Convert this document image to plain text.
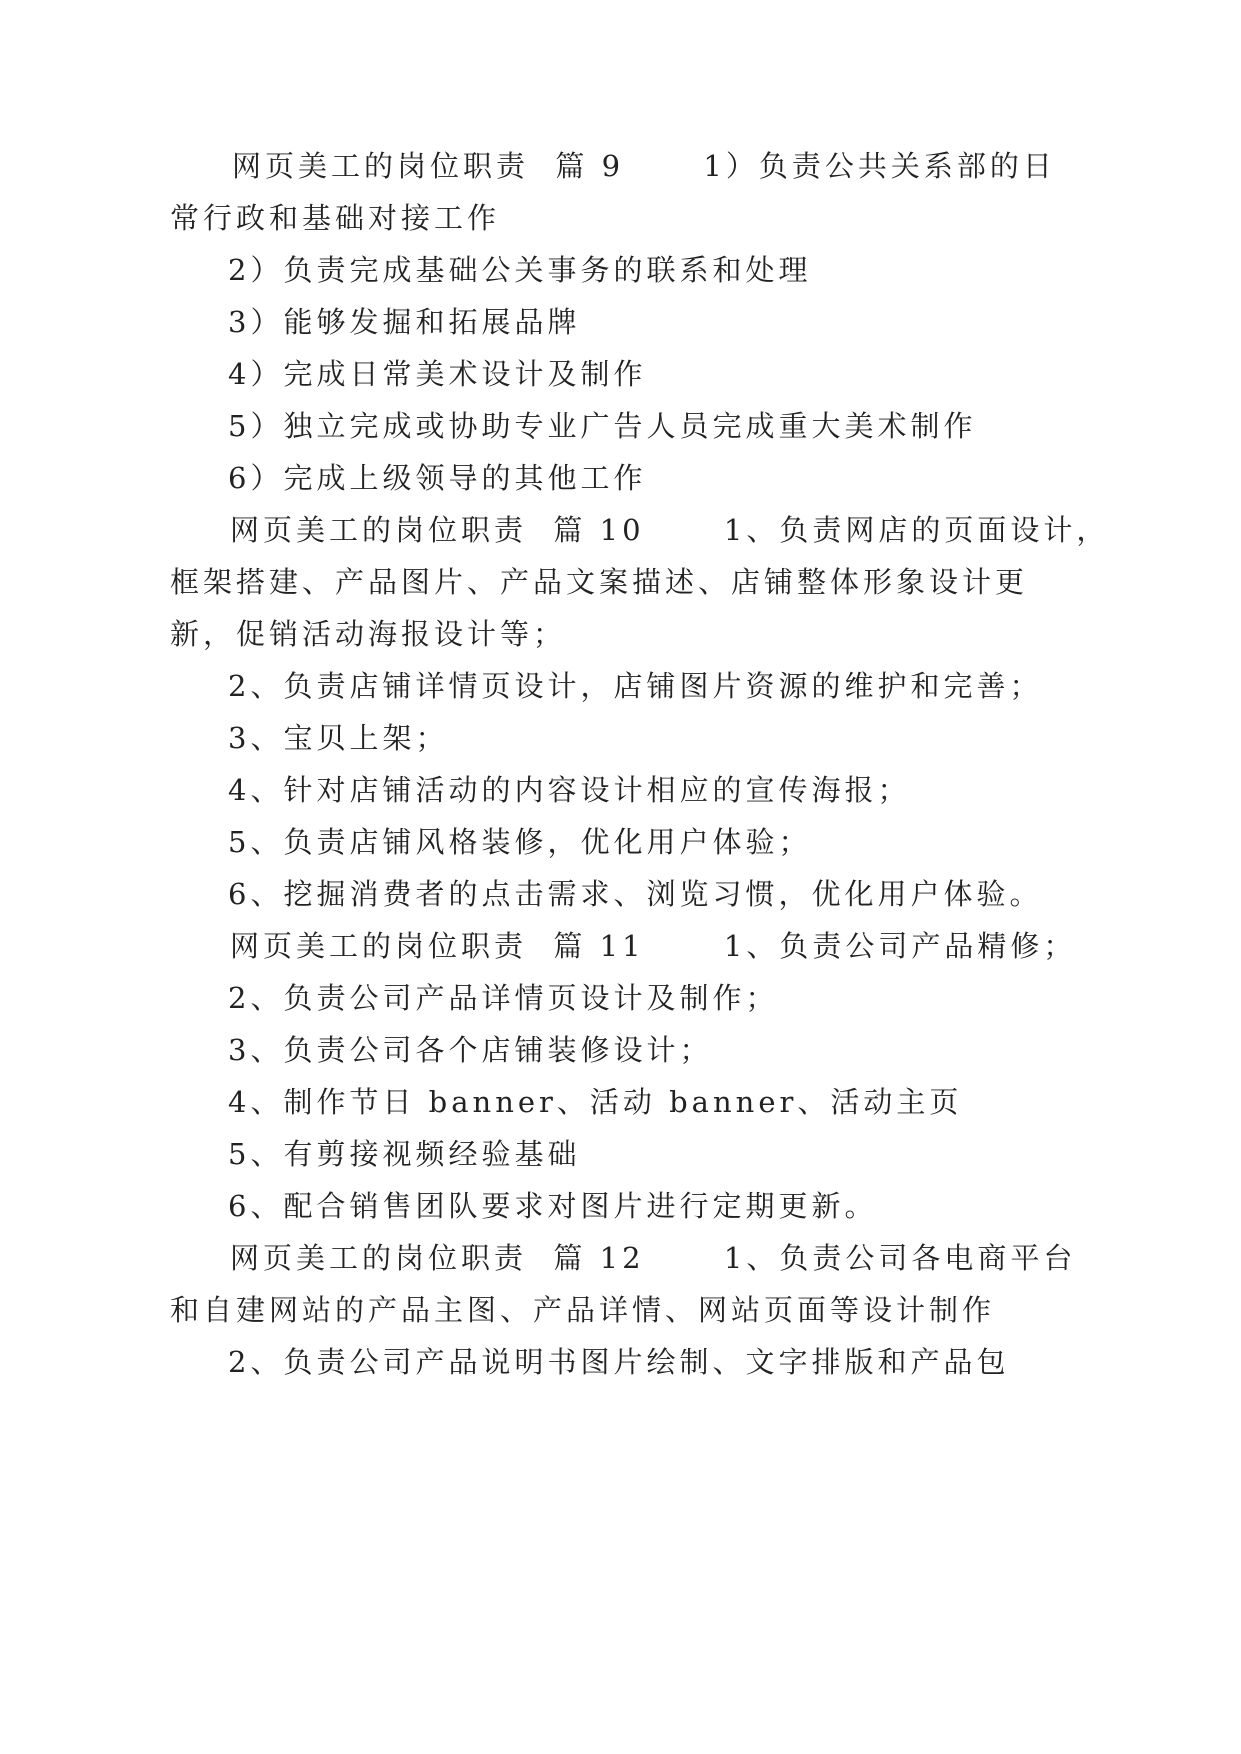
网页美工的岗位职责  篇 9      1）负责公共关系部的日
常行政和基础对接工作
2）负责完成基础公关事务的联系和处理
3）能够发掘和拓展品牌
4）完成日常美术设计及制作
5）独立完成或协助专业广告人员完成重大美术制作
6）完成上级领导的其他工作
网页美工的岗位职责  篇 10      1、负责网店的页面设计，
框架搭建、产品图片、产品文案描述、店铺整体形象设计更
新，促销活动海报设计等；
2、负责店铺详情页设计，店铺图片资源的维护和完善；
3、宝贝上架；
4、针对店铺活动的内容设计相应的宣传海报；
5、负责店铺风格装修，优化用户体验；
6、挖掘消费者的点击需求、浏览习惯，优化用户体验。
网页美工的岗位职责  篇 11      1、负责公司产品精修；
2、负责公司产品详情页设计及制作；
3、负责公司各个店铺装修设计；
4、制作节日 banner、活动 banner、活动主页
5、有剪接视频经验基础
6、配合销售团队要求对图片进行定期更新。
网页美工的岗位职责  篇 12      1、负责公司各电商平台
和自建网站的产品主图、产品详情、网站页面等设计制作
2、负责公司产品说明书图片绘制、文字排版和产品包
